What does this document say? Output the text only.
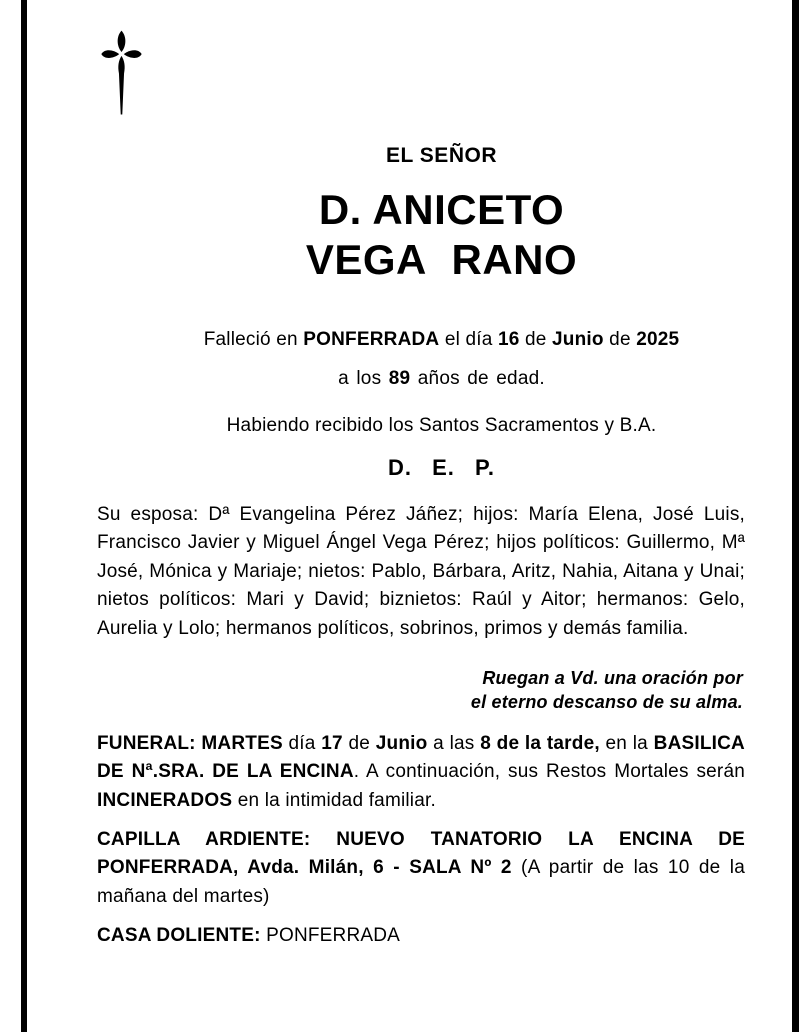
EL SEÑOR
D. ANICETO
VEGA RANO
Falleció en PONFERRADA el día 16 de Junio de 2025
a los 89 años de edad.
Habiendo recibido los Santos Sacramentos y B.A.
D. E. P.

Su esposa: Dª Evangelina Pérez Jáñez; hijos: María Elena, José Luis, Francisco Javier y Miguel Ángel Vega Pérez; hijos políticos: Guillermo, Mª José, Mónica y Mariaje; nietos: Pablo, Bárbara, Aritz, Nahia, Aitana y Unai; nietos políticos: Mari y David; biznietos: Raúl y Aitor; hermanos: Gelo, Aurelia y Lolo; hermanos políticos, sobrinos, primos y demás familia.

Ruegan a Vd. una oración por
el eterno descanso de su alma.

FUNERAL: MARTES día 17 de Junio a las 8 de la tarde, en la BASILICA DE Nª.SRA. DE LA ENCINA. A continuación, sus Restos Mortales serán INCINERADOS en la intimidad familiar.

CAPILLA ARDIENTE: NUEVO TANATORIO LA ENCINA DE PONFERRADA, Avda. Milán, 6 - SALA Nº 2 (A partir de las 10 de la mañana del martes)

CASA DOLIENTE: PONFERRADA
